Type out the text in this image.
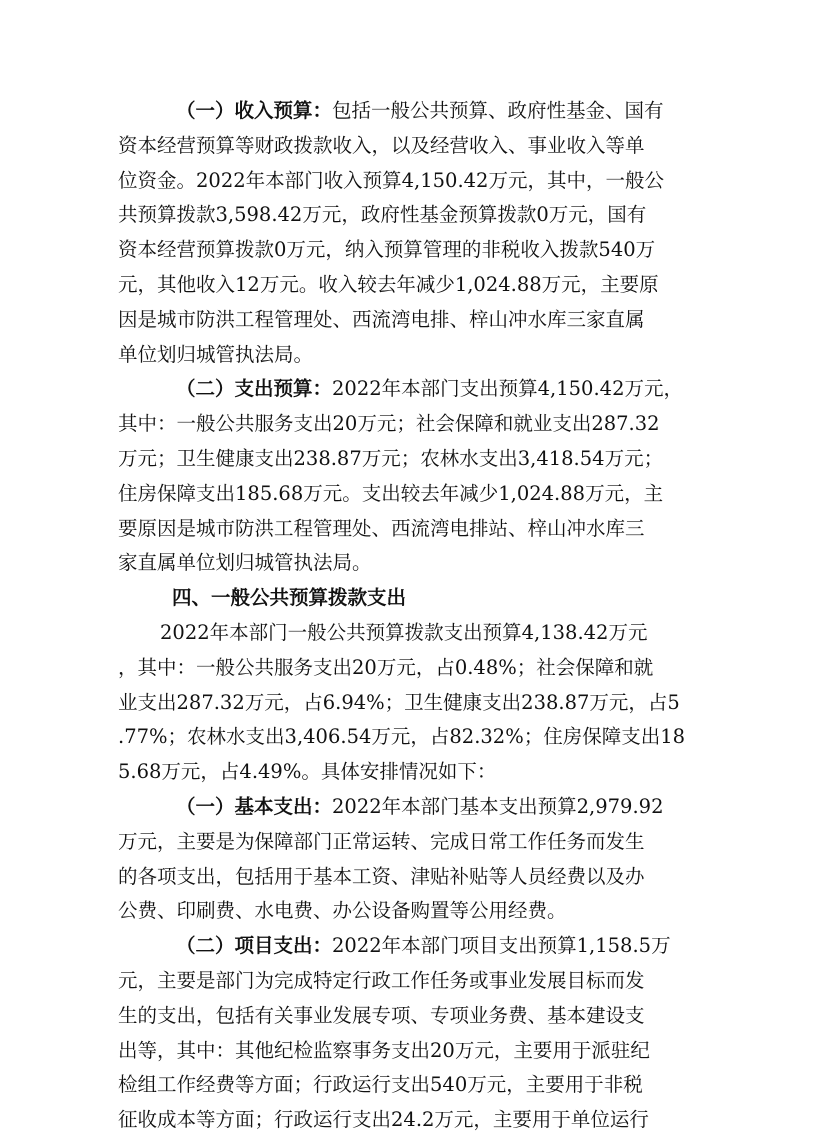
（一）收入预算：包括一般公共预算、政府性基金、国有
资本经营预算等财政拨款收入，以及经营收入、事业收入等单
位资金。2022年本部门收入预算4,150.42万元，其中，一般公
共预算拨款3,598.42万元，政府性基金预算拨款0万元，国有
资本经营预算拨款0万元，纳入预算管理的非税收入拨款540万
元，其他收入12万元。收入较去年减少1,024.88万元，主要原
因是城市防洪工程管理处、西流湾电排、梓山冲水库三家直属
单位划归城管执法局。
（二）支出预算：2022年本部门支出预算4,150.42万元，
其中：一般公共服务支出20万元；社会保障和就业支出287.32
万元；卫生健康支出238.87万元；农林水支出3,418.54万元；
住房保障支出185.68万元。支出较去年减少1,024.88万元，主
要原因是城市防洪工程管理处、西流湾电排站、梓山冲水库三
家直属单位划归城管执法局。
四、一般公共预算拨款支出
2022年本部门一般公共预算拨款支出预算4,138.42万元
，其中：一般公共服务支出20万元，占0.48%；社会保障和就
业支出287.32万元，占6.94%；卫生健康支出238.87万元，占5
.77%；农林水支出3,406.54万元，占82.32%；住房保障支出18
5.68万元，占4.49%。具体安排情况如下：
（一）基本支出：2022年本部门基本支出预算2,979.92
万元，主要是为保障部门正常运转、完成日常工作任务而发生
的各项支出，包括用于基本工资、津贴补贴等人员经费以及办
公费、印刷费、水电费、办公设备购置等公用经费。
（二）项目支出：2022年本部门项目支出预算1,158.5万
元，主要是部门为完成特定行政工作任务或事业发展目标而发
生的支出，包括有关事业发展专项、专项业务费、基本建设支
出等，其中：其他纪检监察事务支出20万元，主要用于派驻纪
检组工作经费等方面；行政运行支出540万元，主要用于非税
征收成本等方面；行政运行支出24.2万元，主要用于单位运行
